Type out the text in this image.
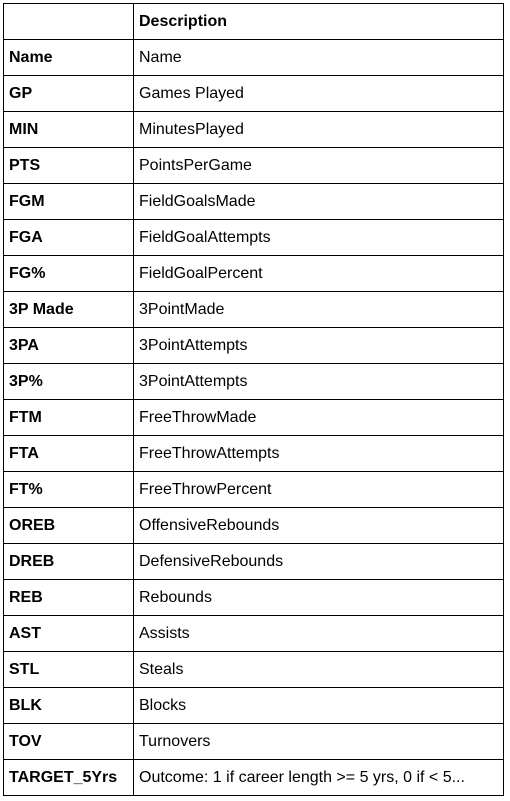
	Description
Name	Name
GP	Games Played
MIN	MinutesPlayed
PTS	PointsPerGame
FGM	FieldGoalsMade
FGA	FieldGoalAttempts
FG%	FieldGoalPercent
3P Made	3PointMade
3PA	3PointAttempts
3P%	3PointAttempts
FTM	FreeThrowMade
FTA	FreeThrowAttempts
FT%	FreeThrowPercent
OREB	OffensiveRebounds
DREB	DefensiveRebounds
REB	Rebounds
AST	Assists
STL	Steals
BLK	Blocks
TOV	Turnovers
TARGET_5Yrs	Outcome: 1 if career length >= 5 yrs, 0 if < 5...
